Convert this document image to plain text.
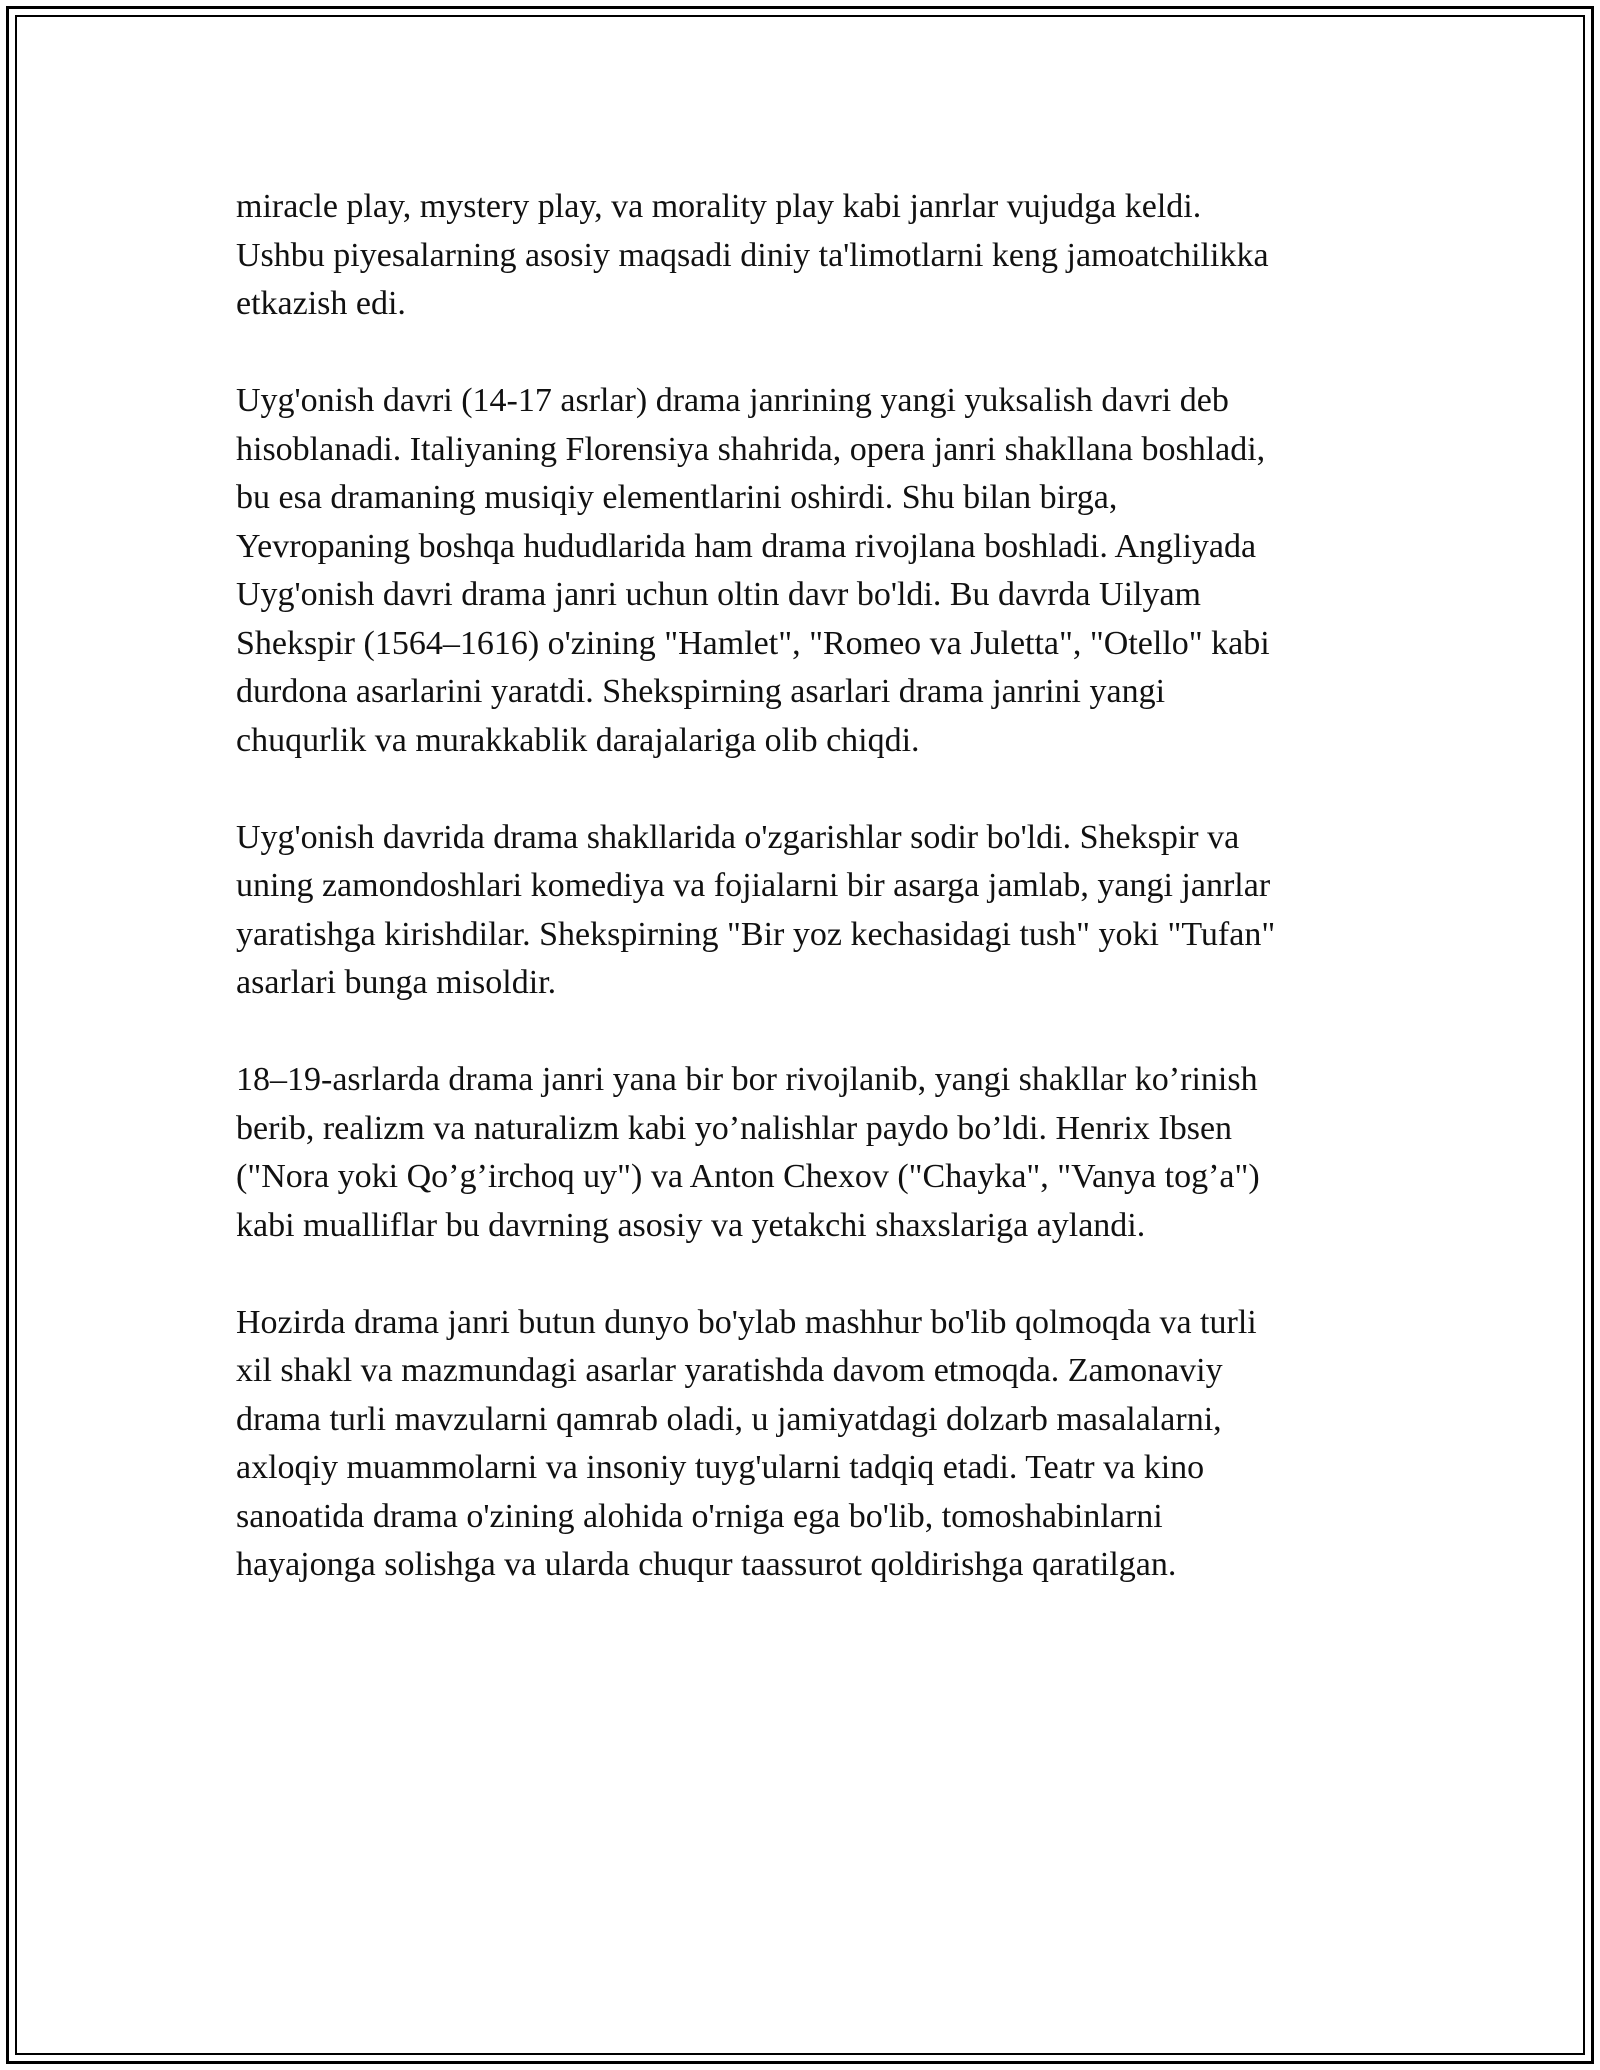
miracle play, mystery play, va morality play kabi janrlar vujudga keldi.
Ushbu piyesalarning asosiy maqsadi diniy ta'limotlarni keng jamoatchilikka
etkazish edi.

Uyg'onish davri (14-17 asrlar) drama janrining yangi yuksalish davri deb
hisoblanadi. Italiyaning Florensiya shahrida, opera janri shakllana boshladi,
bu esa dramaning musiqiy elementlarini oshirdi. Shu bilan birga,
Yevropaning boshqa hududlarida ham drama rivojlana boshladi. Angliyada
Uyg'onish davri drama janri uchun oltin davr bo'ldi. Bu davrda Uilyam
Shekspir (1564–1616) o'zining "Hamlet", "Romeo va Juletta", "Otello" kabi
durdona asarlarini yaratdi. Shekspirning asarlari drama janrini yangi
chuqurlik va murakkablik darajalariga olib chiqdi.

Uyg'onish davrida drama shakllarida o'zgarishlar sodir bo'ldi. Shekspir va
uning zamondoshlari komediya va fojialarni bir asarga jamlab, yangi janrlar
yaratishga kirishdilar. Shekspirning "Bir yoz kechasidagi tush" yoki "Tufan"
asarlari bunga misoldir.

18–19-asrlarda drama janri yana bir bor rivojlanib, yangi shakllar ko’rinish
berib, realizm va naturalizm kabi yo’nalishlar paydo bo’ldi. Henrix Ibsen
("Nora yoki Qo’g’irchoq uy") va Anton Chexov ("Chayka", "Vanya tog’a")
kabi mualliflar bu davrning asosiy va yetakchi shaxslariga aylandi.

Hozirda drama janri butun dunyo bo'ylab mashhur bo'lib qolmoqda va turli
xil shakl va mazmundagi asarlar yaratishda davom etmoqda. Zamonaviy
drama turli mavzularni qamrab oladi, u jamiyatdagi dolzarb masalalarni,
axloqiy muammolarni va insoniy tuyg'ularni tadqiq etadi. Teatr va kino
sanoatida drama o'zining alohida o'rniga ega bo'lib, tomoshabinlarni
hayajonga solishga va ularda chuqur taassurot qoldirishga qaratilgan.
